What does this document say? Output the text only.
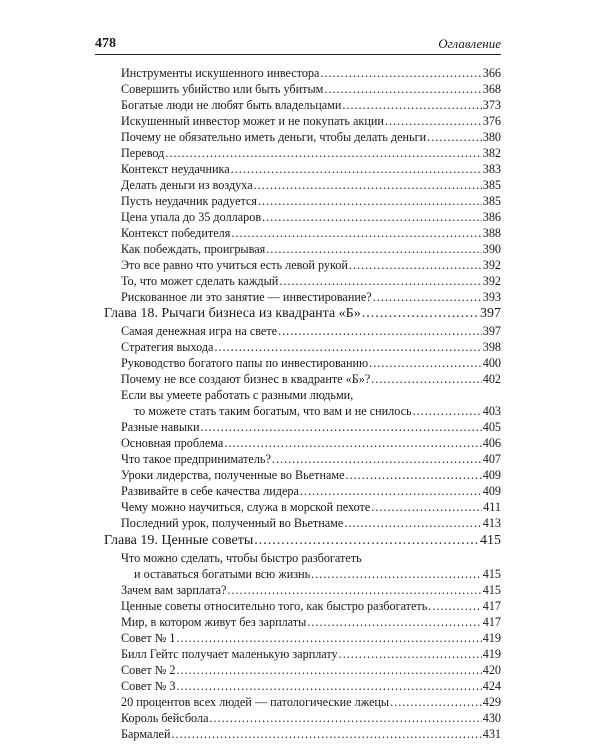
478	Оглавление
Инструменты искушенного инвестора .....	366
Совершить убийство или быть убитым .....	368
Богатые люди не любят быть владельцами .....	373
Искушенный инвестор может и не покупать акции .....	376
Почему не обязательно иметь деньги, чтобы делать деньги .....	380
Перевод .....	382
Контекст неудачника .....	383
Делать деньги из воздуха .....	385
Пусть неудачник радуется .....	385
Цена упала до 35 долларов .....	386
Контекст победителя .....	388
Как побеждать, проигрывая .....	390
Это все равно что учиться есть левой рукой .....	392
То, что может сделать каждый .....	392
Рискованное ли это занятие — инвестирование? .....	393
Глава 18. Рычаги бизнеса из квадранта «Б» .....	397
Самая денежная игра на свете .....	397
Стратегия выхода .....	398
Руководство богатого папы по инвестированию .....	400
Почему не все создают бизнес в квадранте «Б»? .....	402
Если вы умеете работать с разными людьми,
то можете стать таким богатым, что вам и не снилось .....	403
Разные навыки .....	405
Основная проблема .....	406
Что такое предприниматель? .....	407
Уроки лидерства, полученные во Вьетнаме .....	409
Развивайте в себе качества лидера .....	409
Чему можно научиться, служа в морской пехоте .....	411
Последний урок, полученный во Вьетнаме .....	413
Глава 19. Ценные советы .....	415
Что можно сделать, чтобы быстро разбогатеть
и оставаться богатыми всю жизнь .....	415
Зачем вам зарплата? .....	415
Ценные советы относительно того, как быстро разбогатеть .....	417
Мир, в котором живут без зарплаты .....	417
Совет № 1 .....	419
Билл Гейтс получает маленькую зарплату .....	419
Совет № 2 .....	420
Совет № 3 .....	424
20 процентов всех людей — патологические лжецы .....	429
Король бейсбола .....	430
Бармалей .....	431
